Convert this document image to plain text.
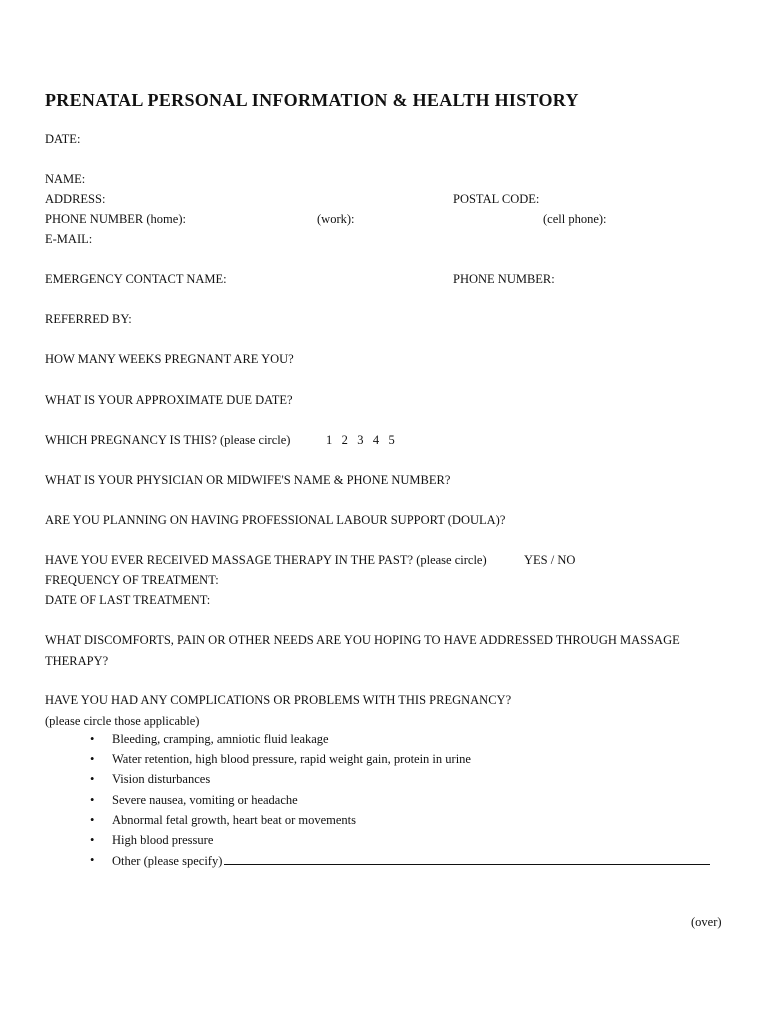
PRENATAL PERSONAL INFORMATION & HEALTH HISTORY
DATE:
NAME:
ADDRESS:	POSTAL CODE:
PHONE NUMBER (home):	(work):	(cell phone):
E-MAIL:
EMERGENCY CONTACT NAME:	PHONE NUMBER:
REFERRED BY:
HOW MANY WEEKS PREGNANT ARE YOU?
WHAT IS YOUR APPROXIMATE DUE DATE?
WHICH PREGNANCY IS THIS? (please circle)	1   2   3   4   5
WHAT IS YOUR PHYSICIAN OR MIDWIFE'S NAME & PHONE NUMBER?
ARE YOU PLANNING ON HAVING PROFESSIONAL LABOUR SUPPORT (DOULA)?
HAVE YOU EVER RECEIVED MASSAGE THERAPY IN THE PAST? (please circle)	YES / NO
FREQUENCY OF TREATMENT:
DATE OF LAST TREATMENT:
WHAT DISCOMFORTS, PAIN OR OTHER NEEDS ARE YOU HOPING TO HAVE ADDRESSED THROUGH MASSAGE
THERAPY?
HAVE YOU HAD ANY COMPLICATIONS OR PROBLEMS WITH THIS PREGNANCY?
(please circle those applicable)
• Bleeding, cramping, amniotic fluid leakage
• Water retention, high blood pressure, rapid weight gain, protein in urine
• Vision disturbances
• Severe nausea, vomiting or headache
• Abnormal fetal growth, heart beat or movements
• High blood pressure
• Other (please specify)
(over)
